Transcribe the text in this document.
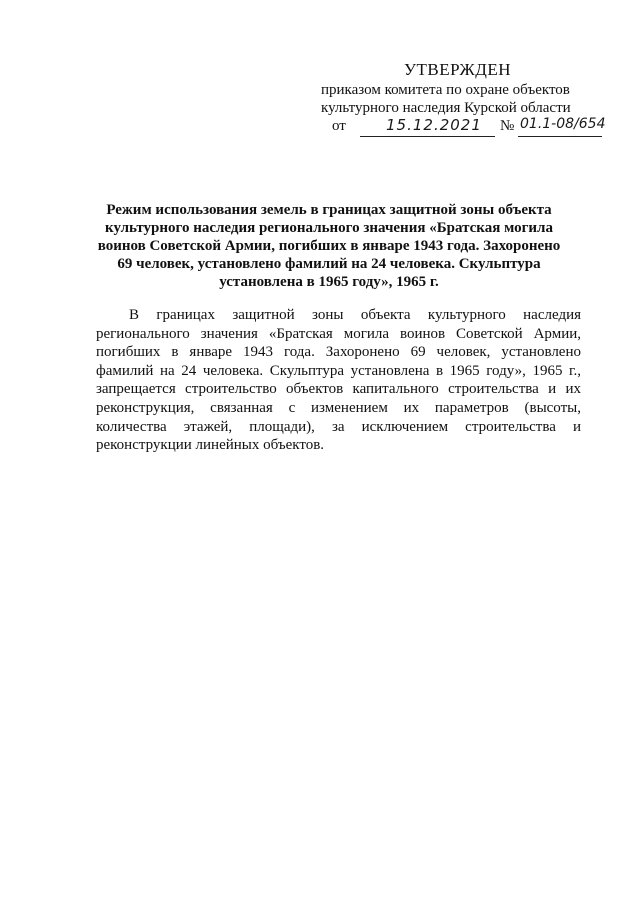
УТВЕРЖДЕН
приказом комитета по охране объектов
культурного наследия Курской области
от	15.12.2021 № 01.1-08/654
Режим использования земель в границах защитной зоны объекта культурного наследия регионального значения «Братская могила воинов Советской Армии, погибших в январе 1943 года. Захоронено 69 человек, установлено фамилий на 24 человека. Скульптура установлена в 1965 году», 1965 г.

В границах защитной зоны объекта культурного наследия регионального значения «Братская могила воинов Советской Армии, погибших в январе 1943 года. Захоронено 69 человек, установлено фамилий на 24 человека. Скульптура установлена в 1965 году», 1965 г., запрещается строительство объектов капитального строительства и их реконструкция, связанная с изменением их параметров (высоты, количества этажей, площади), за исключением строительства и реконструкции линейных объектов.
